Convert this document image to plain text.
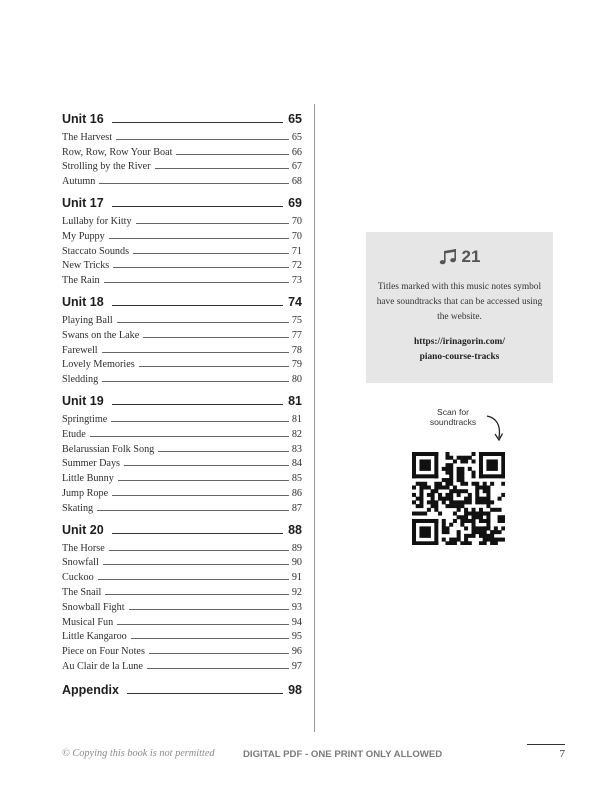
Unit 16	65
The Harvest	65
Row, Row, Row Your Boat	66
Strolling by the River	67
Autumn	68
Unit 17	69
Lullaby for Kitty	70
My Puppy	70
Staccato Sounds	71
New Tricks	72
The Rain	73
Unit 18	74
Playing Ball	75
Swans on the Lake	77
Farewell	78
Lovely Memories	79
Sledding	80
Unit 19	81
Springtime	81
Etude	82
Belarussian Folk Song	83
Summer Days	84
Little Bunny	85
Jump Rope	86
Skating	87
Unit 20	88
The Horse	89
Snowfall	90
Cuckoo	91
The Snail	92
Snowball Fight	93
Musical Fun	94
Little Kangaroo	95
Piece on Four Notes	96
Au Clair de la Lune	97
Appendix	98
21

Titles marked with this music notes symbol have soundtracks that can be accessed using the website.

https://irinagorin.com/
piano-course-tracks
Scan for
soundtracks
© Copying this book is not permitted	DIGITAL PDF - ONE PRINT ONLY ALLOWED	7
